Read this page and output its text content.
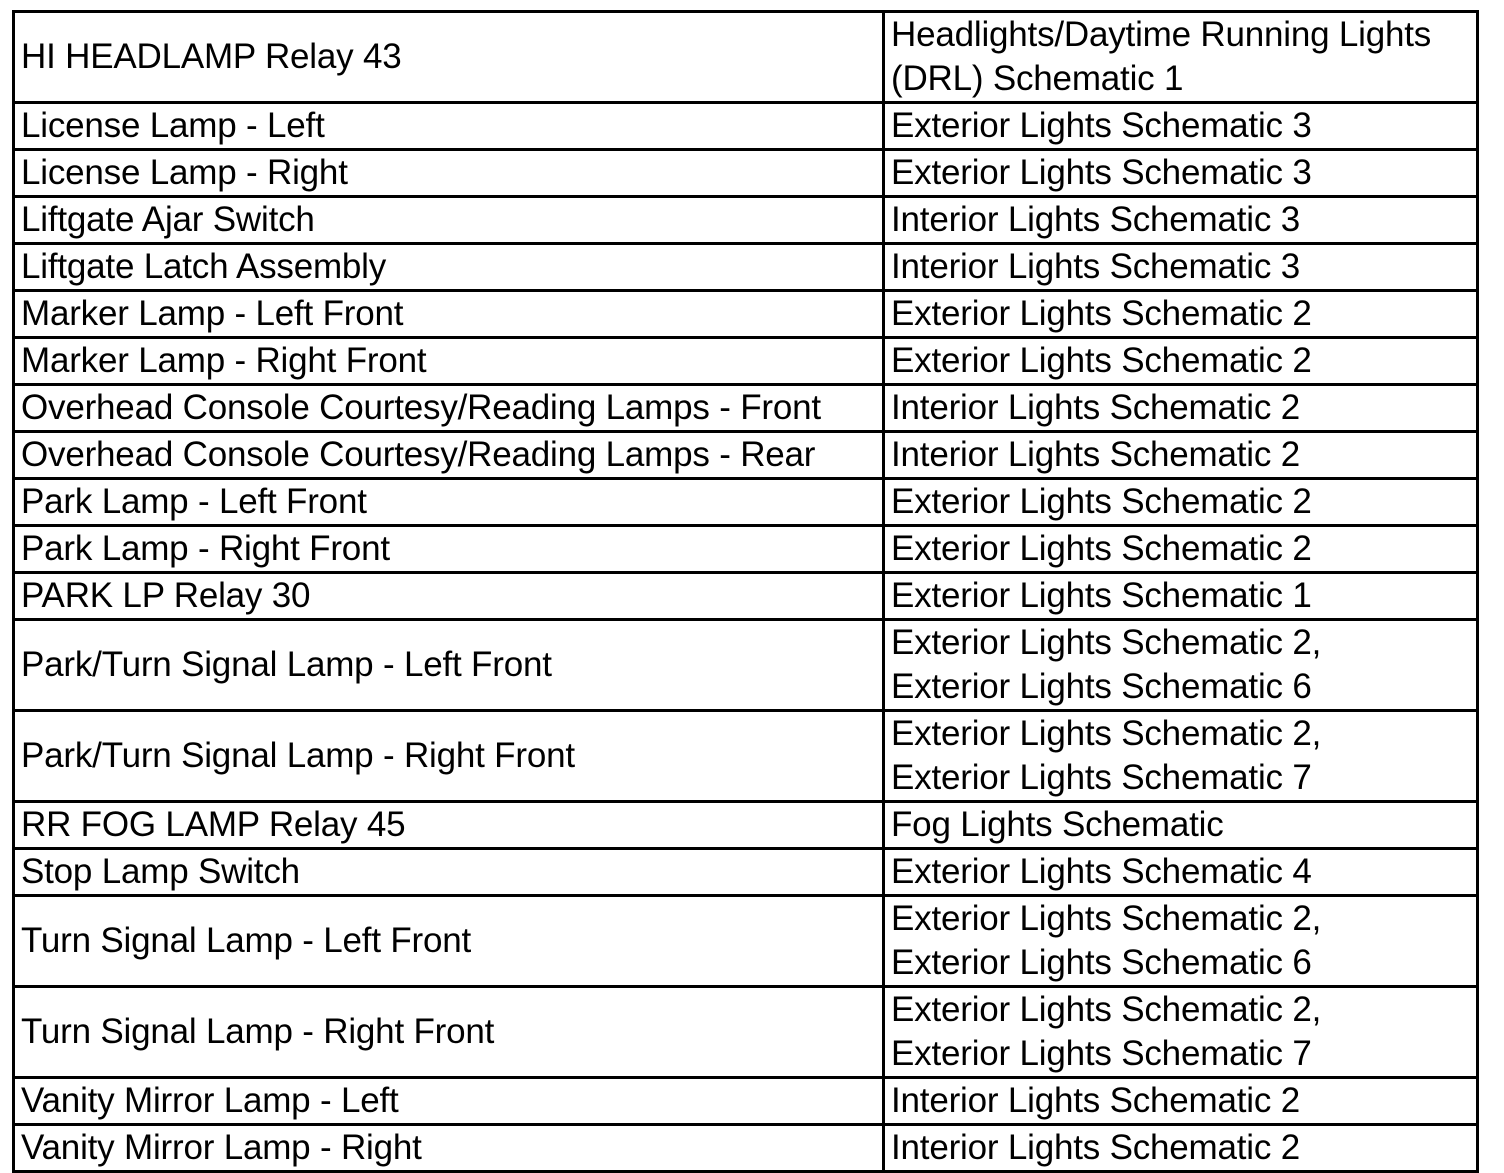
HI HEADLAMP Relay 43	Headlights/Daytime Running Lights
(DRL) Schematic 1

License Lamp - Left	Exterior Lights Schematic 3

License Lamp - Right	Exterior Lights Schematic 3

Liftgate Ajar Switch	Interior Lights Schematic 3

Liftgate Latch Assembly	Interior Lights Schematic 3

Marker Lamp - Left Front	Exterior Lights Schematic 2

Marker Lamp - Right Front	Exterior Lights Schematic 2

Overhead Console Courtesy/Reading Lamps - Front	Interior Lights Schematic 2

Overhead Console Courtesy/Reading Lamps - Rear	Interior Lights Schematic 2

Park Lamp - Left Front	Exterior Lights Schematic 2

Park Lamp - Right Front	Exterior Lights Schematic 2

PARK LP Relay 30	Exterior Lights Schematic 1

Park/Turn Signal Lamp - Left Front	Exterior Lights Schematic 2,
Exterior Lights Schematic 6

Park/Turn Signal Lamp - Right Front	Exterior Lights Schematic 2,
Exterior Lights Schematic 7

RR FOG LAMP Relay 45	Fog Lights Schematic

Stop Lamp Switch	Exterior Lights Schematic 4

Turn Signal Lamp - Left Front	Exterior Lights Schematic 2,
Exterior Lights Schematic 6

Turn Signal Lamp - Right Front	Exterior Lights Schematic 2,
Exterior Lights Schematic 7

Vanity Mirror Lamp - Left	Interior Lights Schematic 2

Vanity Mirror Lamp - Right	Interior Lights Schematic 2
